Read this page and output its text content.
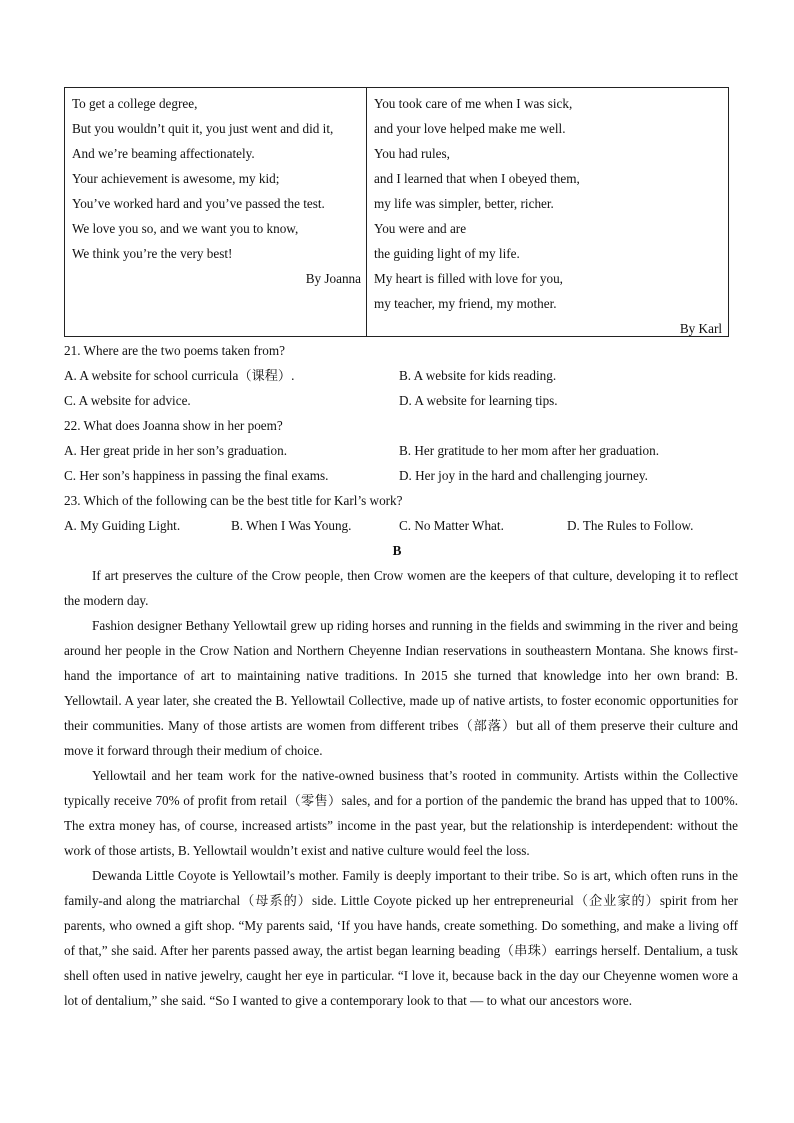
To get a college degree,
But you wouldn’t quit it, you just went and did it,
And we’re beaming affectionately.
Your achievement is awesome, my kid;
You’ve worked hard and you’ve passed the test.
We love you so, and we want you to know,
We think you’re the very best!
By Joanna
You took care of me when I was sick,
and your love helped make me well.
You had rules,
and I learned that when I obeyed them,
my life was simpler, better, richer.
You were and are
the guiding light of my life.
My heart is filled with love for you,
my teacher, my friend, my mother.
By Karl
21. Where are the two poems taken from?
A. A website for school curricula（课程）.	B. A website for kids reading.
C. A website for advice.	D. A website for learning tips.
22. What does Joanna show in her poem?
A. Her great pride in her son’s graduation.	B. Her gratitude to her mom after her graduation.
C. Her son’s happiness in passing the final exams.	D. Her joy in the hard and challenging journey.
23. Which of the following can be the best title for Karl’s work?
A. My Guiding Light.	B. When I Was Young.	C. No Matter What.	D. The Rules to Follow.
B
If art preserves the culture of the Crow people, then Crow women are the keepers of that culture, developing it to reflect the modern day.
Fashion designer Bethany Yellowtail grew up riding horses and running in the fields and swimming in the river and being around her people in the Crow Nation and Northern Cheyenne Indian reservations in southeastern Montana. She knows first-hand the importance of art to maintaining native traditions. In 2015 she turned that knowledge into her own brand: B. Yellowtail. A year later, she created the B. Yellowtail Collective, made up of native artists, to foster economic opportunities for their communities. Many of those artists are women from different tribes（部落）but all of them preserve their culture and move it forward through their medium of choice.
Yellowtail and her team work for the native-owned business that’s rooted in community. Artists within the Collective typically receive 70% of profit from retail（零售）sales, and for a portion of the pandemic the brand has upped that to 100%. The extra money has, of course, increased artists” income in the past year, but the relationship is interdependent: without the work of those artists, B. Yellowtail wouldn’t exist and native culture would feel the loss.
Dewanda Little Coyote is Yellowtail’s mother. Family is deeply important to their tribe. So is art, which often runs in the family-and along the matriarchal（母系的）side. Little Coyote picked up her entrepreneurial（企业家的）spirit from her parents, who owned a gift shop. “My parents said, ‘If you have hands, create something. Do something, and make a living off of that,” she said. After her parents passed away, the artist began learning beading（串珠）earrings herself. Dentalium, a tusk shell often used in native jewelry, caught her eye in particular. “I love it, because back in the day our Cheyenne women wore a lot of dentalium,” she said. “So I wanted to give a contemporary look to that — to what our ancestors wore.
